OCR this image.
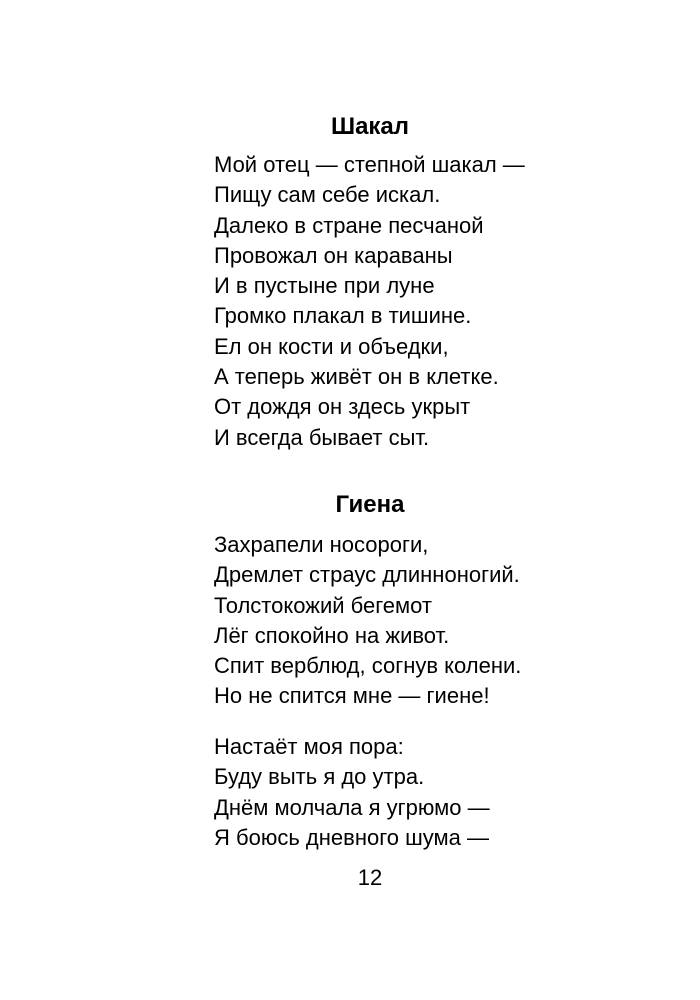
Шакал
Мой отец — степной шакал —
Пищу сам себе искал.
Далеко в стране песчаной
Провожал он караваны
И в пустыне при луне
Громко плакал в тишине.
Ел он кости и объедки,
А теперь живёт он в клетке.
От дождя он здесь укрыт
И всегда бывает сыт.
Гиена
Захрапели носороги,
Дремлет страус длинноногий.
Толстокожий бегемот
Лёг спокойно на живот.
Спит верблюд, согнув колени.
Но не спится мне — гиене!
Настаёт моя пора:
Буду выть я до утра.
Днём молчала я угрюмо —
Я боюсь дневного шума —
12
